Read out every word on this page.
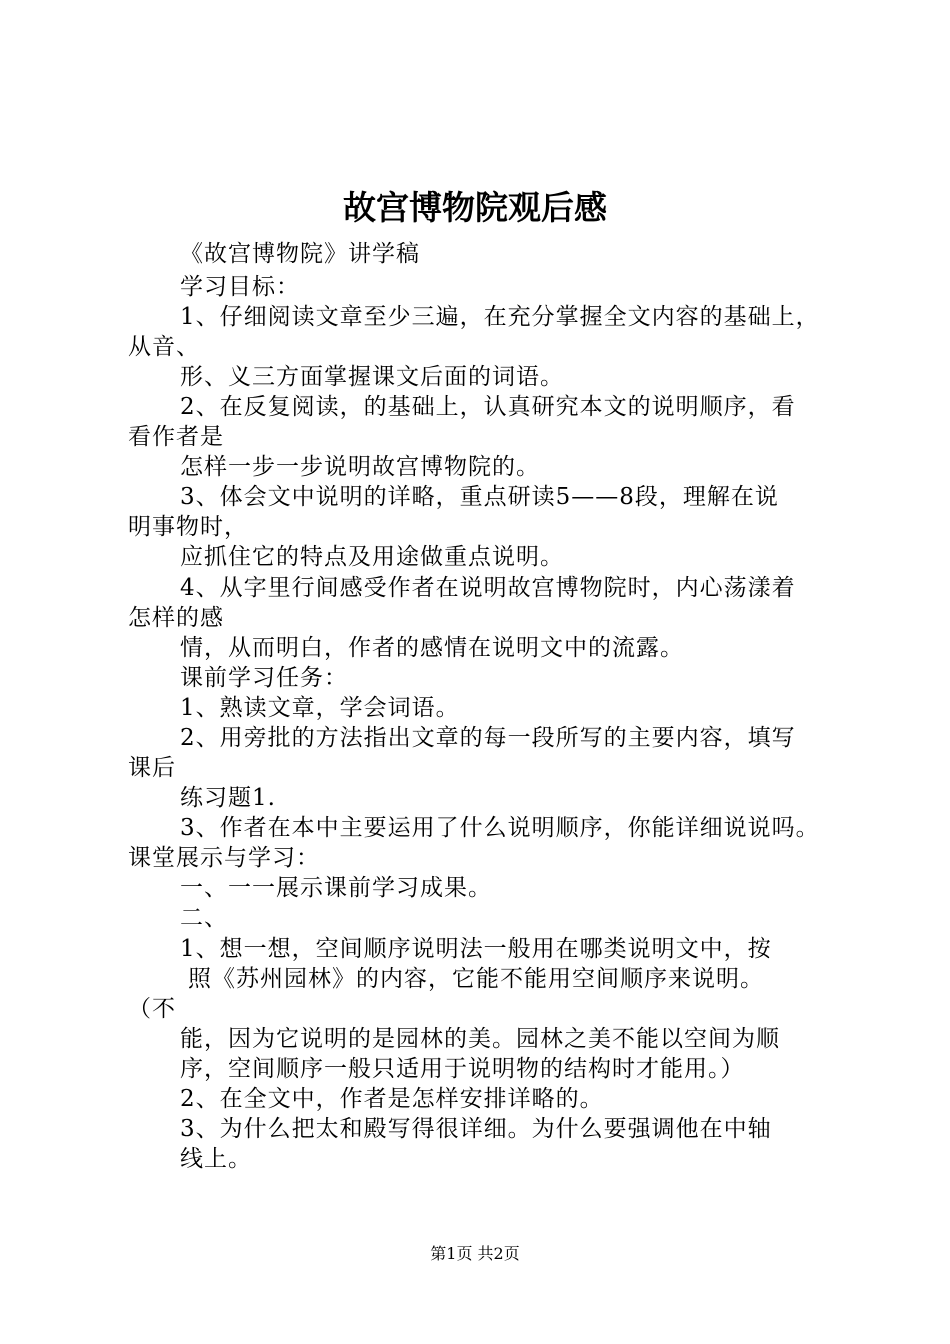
故宫博物院观后感
《故宫博物院》讲学稿
学习目标：
1、仔细阅读文章至少三遍，在充分掌握全文内容的基础上，
从音、
形、义三方面掌握课文后面的词语。
2、在反复阅读，的基础上，认真研究本文的说明顺序，看
看作者是
怎样一步一步说明故宫博物院的。
3、体会文中说明的详略，重点研读5——8段，理解在说
明事物时，
应抓住它的特点及用途做重点说明。
4、从字里行间感受作者在说明故宫博物院时，内心荡漾着
怎样的感
情，从而明白，作者的感情在说明文中的流露。
课前学习任务：
1、熟读文章，学会词语。
2、用旁批的方法指出文章的每一段所写的主要内容，填写
课后
练习题1.
3、作者在本中主要运用了什么说明顺序，你能详细说说吗。
课堂展示与学习：
一、一一展示课前学习成果。
二、
1、想一想，空间顺序说明法一般用在哪类说明文中，按
照《苏州园林》的内容，它能不能用空间顺序来说明。
（不
能，因为它说明的是园林的美。园林之美不能以空间为顺
序，空间顺序一般只适用于说明物的结构时才能用。）
2、在全文中，作者是怎样安排详略的。
3、为什么把太和殿写得很详细。为什么要强调他在中轴
线上。
第1页 共2页
